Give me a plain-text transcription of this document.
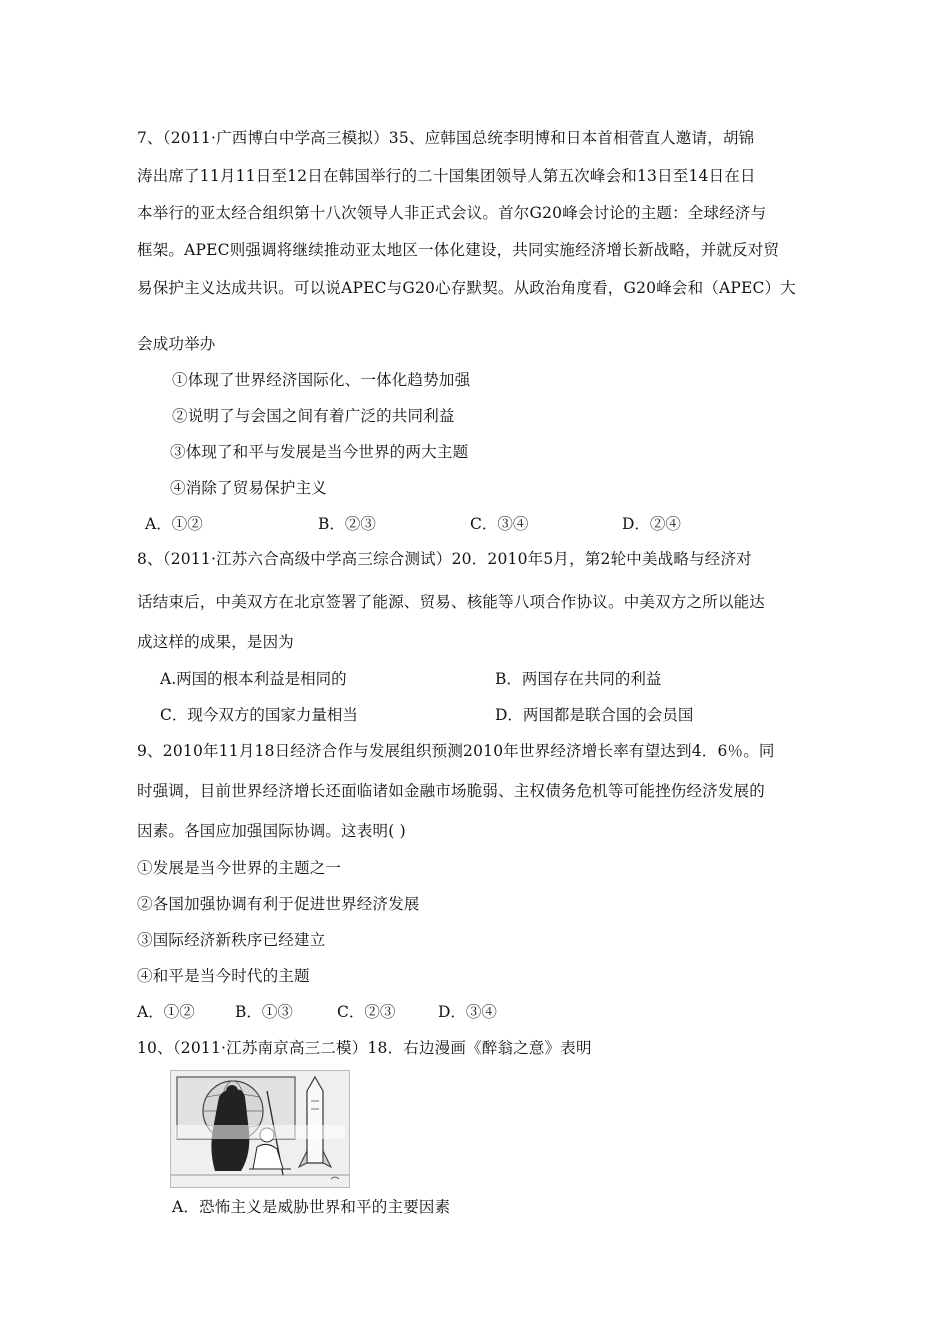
7、（2011·广西博白中学高三模拟）35、应韩国总统李明博和日本首相菅直人邀请，胡锦
涛出席了11月11日至12日在韩国举行的二十国集团领导人第五次峰会和13日至14日在日
本举行的亚太经合组织第十八次领导人非正式会议。首尔G20峰会讨论的主题：全球经济与
框架。APEC则强调将继续推动亚太地区一体化建设，共同实施经济增长新战略，并就反对贸
易保护主义达成共识。可以说APEC与G20心存默契。从政治角度看，G20峰会和（APEC）大
会成功举办
①体现了世界经济国际化、一体化趋势加强
②说明了与会国之间有着广泛的共同利益
③体现了和平与发展是当今世界的两大主题
④消除了贸易保护主义
A．①②	B．②③	C．③④	D．②④
8、（2011·江苏六合高级中学高三综合测试）20．2010年5月，第2轮中美战略与经济对
话结束后，中美双方在北京签署了能源、贸易、核能等八项合作协议。中美双方之所以能达
成这样的成果，是因为
A.两国的根本利益是相同的	B．两国存在共同的利益
C．现今双方的国家力量相当	D．两国都是联合国的会员国
9、2010年11月18日经济合作与发展组织预测2010年世界经济增长率有望达到4．6％。同
时强调，目前世界经济增长还面临诸如金融市场脆弱、主权债务危机等可能挫伤经济发展的
因素。各国应加强国际协调。这表明( )
①发展是当今世界的主题之一
②各国加强协调有利于促进世界经济发展
③国际经济新秩序已经建立
④和平是当今时代的主题
A．①②	B．①③	C．②③	D．③④
10、（2011·江苏南京高三二模）18．右边漫画《醉翁之意》表明
A．恐怖主义是威胁世界和平的主要因素
